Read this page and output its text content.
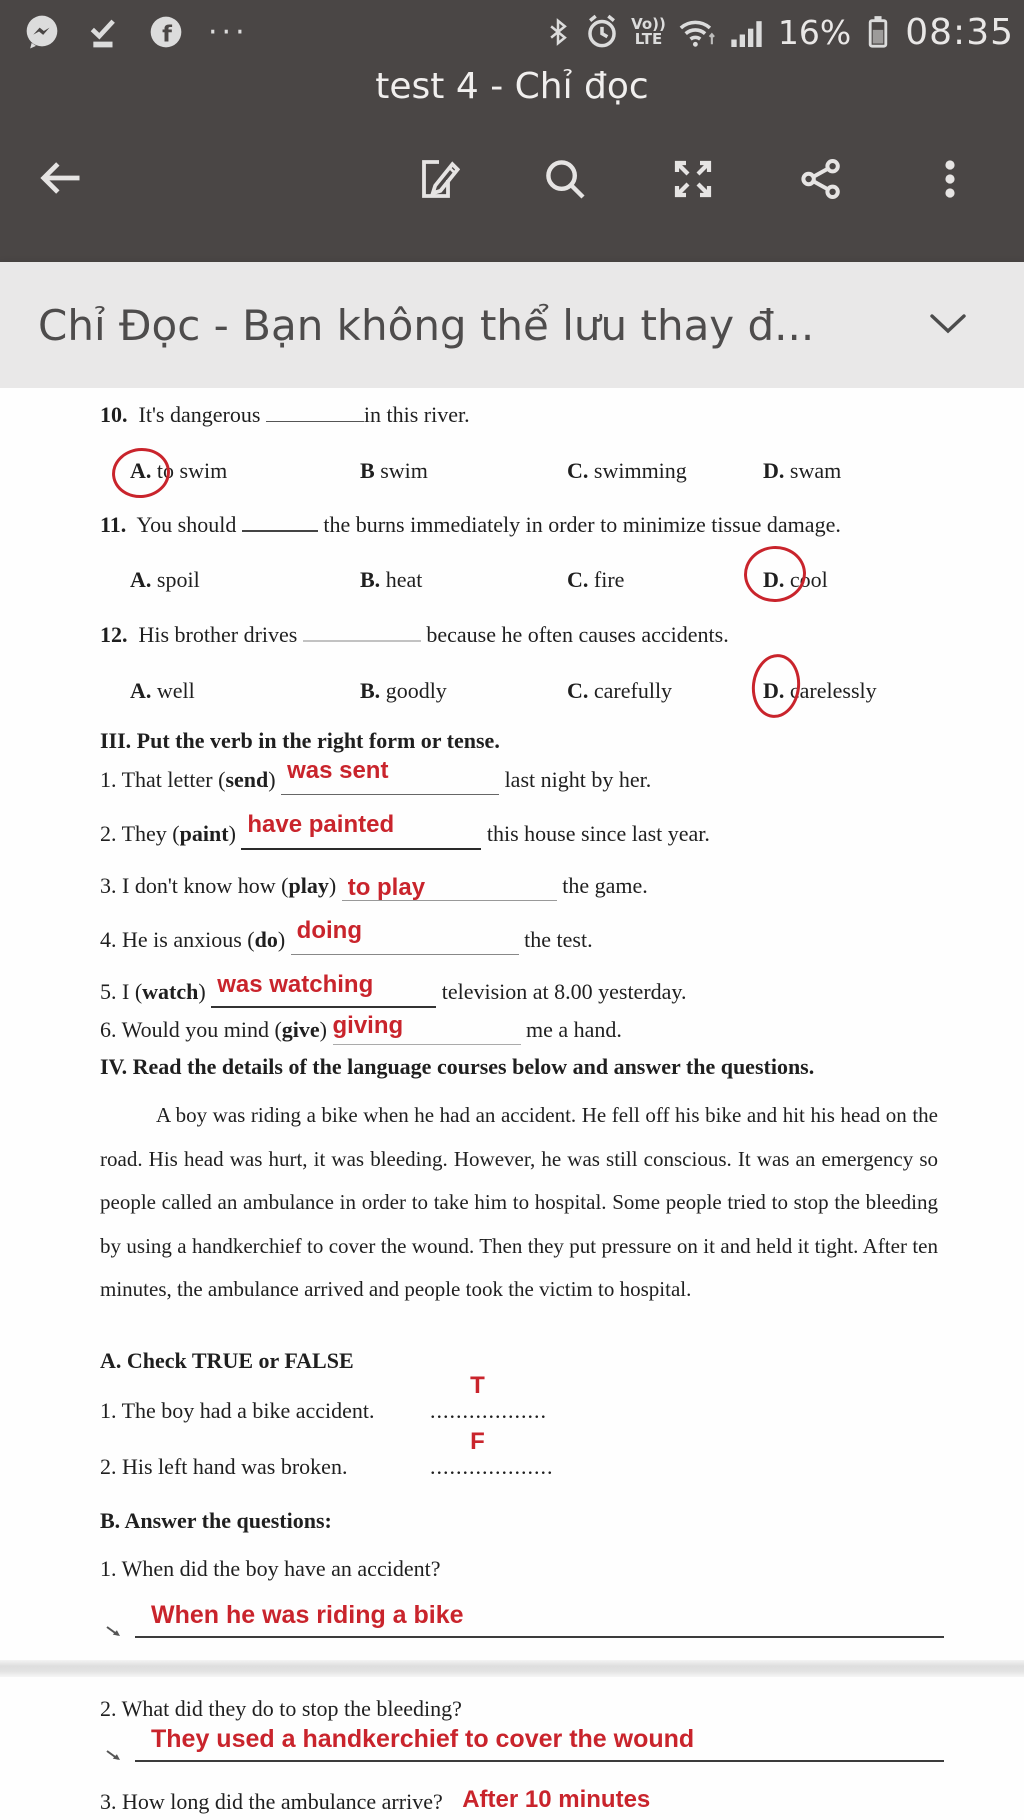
f ···	Vo))
LTE	16% 08:35
test 4 - Chỉ đọc
Chỉ Đọc - Bạn không thể lưu thay đ...
10. It's dangerous	in this river.
A. to swim	B swim	C. swimming	D. swam
11. You should	the burns immediately in order to minimize tissue damage.
A. spoil	B. heat	C. fire	D. cool
12. His brother drives	because he often causes accidents.
A. well	B. goodly	C. carefully	D. carelessly
III. Put the verb in the right form or tense.
1. That letter (send) was sent	last night by her.
2. They (paint) have painted	this house since last year.
3. I don't know how (play) to play	the game.
4. He is anxious (do) doing	the test.
5. I (watch) was watching	television at 8.00 yesterday.
6. Would you mind (give) giving	me a hand.
IV. Read the details of the language courses below and answer the questions.
A boy was riding a bike when he had an accident. He fell off his bike and hit his head on the road. His head was hurt, it was bleeding. However, he was still conscious. It was an emergency so people called an ambulance in order to take him to hospital. Some people tried to stop the bleeding by using a handkerchief to cover the wound. Then they put pressure on it and held it tight. After ten minutes, the ambulance arrived and people took the victim to hospital.
A. Check TRUE or FALSE
T
1. The boy had a bike accident.	..................
F
2. His left hand was broken.	...................
B. Answer the questions:
1. When did the boy have an accident?
When he was riding a bike
2. What did they do to stop the bleeding?
They used a handkerchief to cover the wound
3. How long did the ambulance arrive? After 10 minutes
